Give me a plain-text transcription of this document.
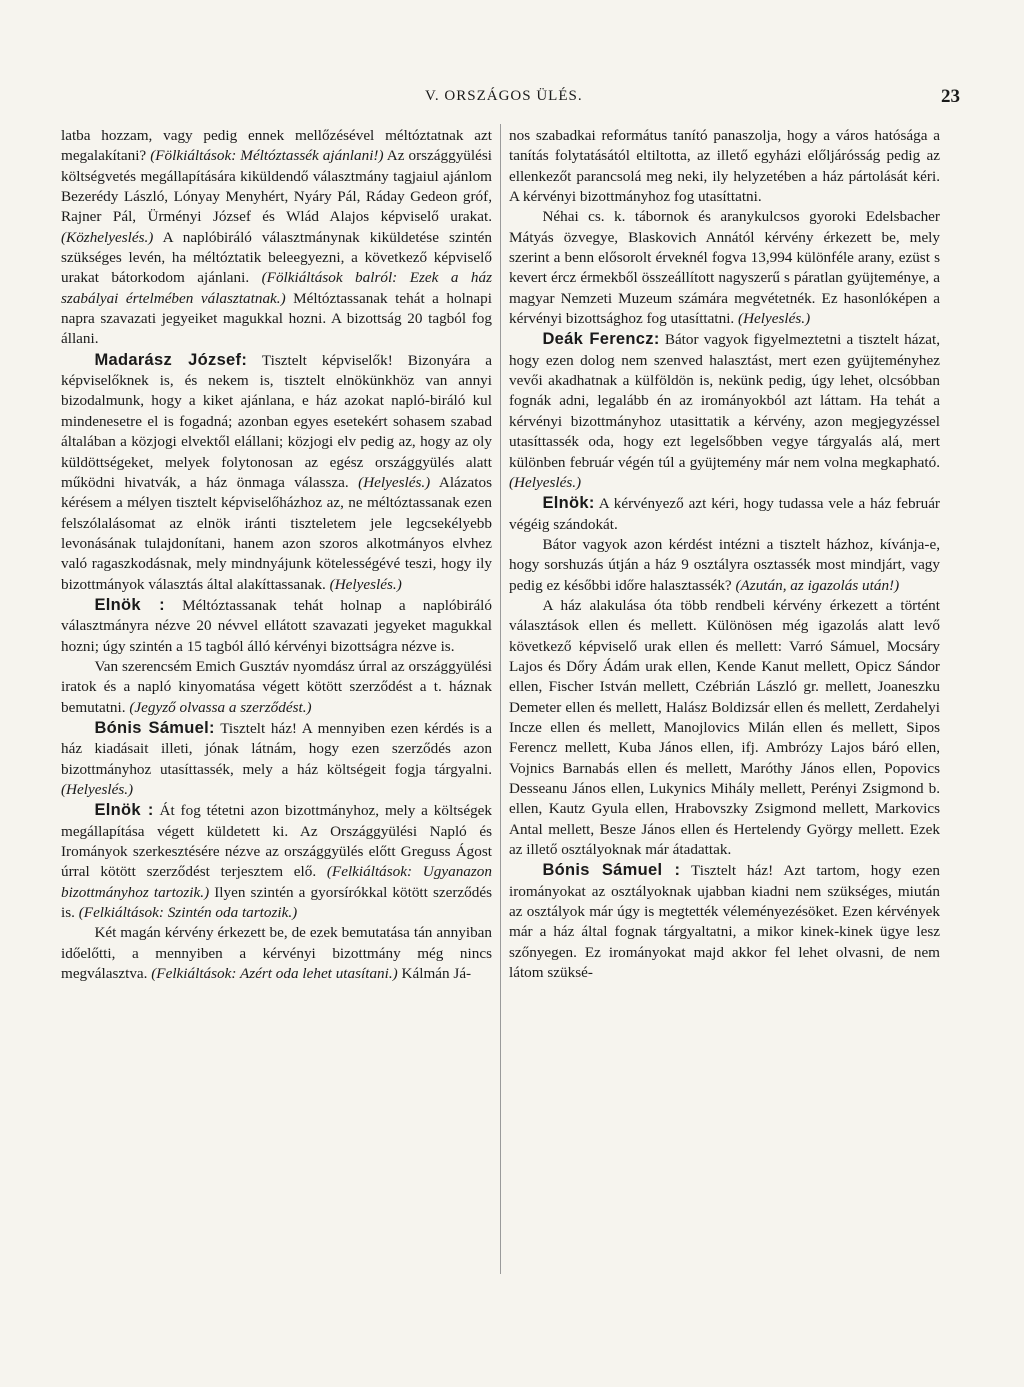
V. ORSZÁGOS ÜLÉS.	23

latba hozzam, vagy pedig ennek mellőzésével méltóztatnak azt megalakítani? (Fölkiáltások: Méltóztassék ajánlani!) Az országgyülési költségvetés megállapítására kiküldendő választmány tagjaiul ajánlom Bezerédy László, Lónyay Menyhért, Nyáry Pál, Ráday Gedeon gróf, Rajner Pál, Ürményi József és Wlád Alajos képviselő urakat. (Közhelyeslés.) A naplóbiráló választmánynak kiküldetése szintén szükséges levén, ha méltóztatik beleegyezni, a következő képviselő urakat bátorkodom ajánlani. (Fölkiáltások balról: Ezek a ház szabályai értelmében választatnak.) Méltóztassanak tehát a holnapi napra szavazati jegyeiket magukkal hozni. A bizottság 20 tagból fog állani.

Madarász József: Tisztelt képviselők! Bizonyára a képviselőknek is, és nekem is, tisztelt elnökünkhöz van annyi bizodalmunk, hogy a kiket ajánlana, e ház azokat napló-biráló kul mindenesetre el is fogadná; azonban egyes esetekért sohasem szabad általában a közjogi elvektől elállani; közjogi elv pedig az, hogy az oly küldöttségeket, melyek folytonosan az egész országgyülés alatt működni hivatvák, a ház önmaga válassza. (Helyeslés.) Alázatos kérésem a mélyen tisztelt képviselőházhoz az, ne méltóztassanak ezen felszólalásomat az elnök iránti tiszteletem jele legcsekélyebb levonásának tulajdonítani, hanem azon szoros alkotmányos elvhez való ragaszkodásnak, mely mindnyájunk kötelességévé teszi, hogy ily bizottmányok választás által alakíttassanak. (Helyeslés.)

Elnök : Méltóztassanak tehát holnap a naplóbiráló választmányra nézve 20 névvel ellátott szavazati jegyeket magukkal hozni; úgy szintén a 15 tagból álló kérvényi bizottságra nézve is.

Van szerencsém Emich Gusztáv nyomdász úrral az országgyülési iratok és a napló kinyomatása végett kötött szerződést a t. háznak bemutatni. (Jegyző olvassa a szerződést.)

Bónis Sámuel: Tisztelt ház! A mennyiben ezen kérdés is a ház kiadásait illeti, jónak látnám, hogy ezen szerződés azon bizottmányhoz utasíttassék, mely a ház költségeit fogja tárgyalni. (Helyeslés.)

Elnök : Át fog tétetni azon bizottmányhoz, mely a költségek megállapítása végett küldetett ki. Az Országgyülési Napló és Irományok szerkesztésére nézve az országgyülés előtt Greguss Ágost úrral kötött szerződést terjesztem elő. (Felkiáltások: Ugyanazon bizottmányhoz tartozik.) Ilyen szintén a gyorsírókkal kötött szerződés is. (Felkiáltások: Szintén oda tartozik.)

Két magán kérvény érkezett be, de ezek bemutatása tán annyiban időelőtti, a mennyiben a kérvényi bizottmány még nincs megválasztva. (Felkiáltások: Azért oda lehet utasítani.) Kálmán Já-

nos szabadkai református tanító panaszolja, hogy a város hatósága a tanítás folytatásától eltiltotta, az illető egyházi előljárósság pedig az ellenkezőt parancsolá meg neki, ily helyzetében a ház pártolását kéri. A kérvényi bizottmányhoz fog utasíttatni.

Néhai cs. k. tábornok és aranykulcsos gyoroki Edelsbacher Mátyás özvegye, Blaskovich Annától kérvény érkezett be, mely szerint a benn elősorolt érveknél fogva 13,994 különféle arany, ezüst s kevert ércz érmekből összeállított nagyszerű s páratlan gyüjteménye, a magyar Nemzeti Muzeum számára megvétetnék. Ez hasonlóképen a kérvényi bizottsághoz fog utasíttatni. (Helyeslés.)

Deák Ferencz: Bátor vagyok figyelmeztetni a tisztelt házat, hogy ezen dolog nem szenved halasztást, mert ezen gyüjteményhez vevői akadhatnak a külföldön is, nekünk pedig, úgy lehet, olcsóbban fognák adni, legalább én az irományokból azt láttam. Ha tehát a kérvényi bizottmányhoz utasittatik a kérvény, azon megjegyzéssel utasíttassék oda, hogy ezt legelsőbben vegye tárgyalás alá, mert különben február végén túl a gyüjtemény már nem volna megkapható. (Helyeslés.)

Elnök: A kérvényező azt kéri, hogy tudassa vele a ház február végéig szándokát.

Bátor vagyok azon kérdést intézni a tisztelt házhoz, kívánja-e, hogy sorshuzás útján a ház 9 osztályra osztassék most mindjárt, vagy pedig ez későbbi időre halasztassék? (Azután, az igazolás után!)

A ház alakulása óta több rendbeli kérvény érkezett a történt választások ellen és mellett. Különösen még igazolás alatt levő következő képviselő urak ellen és mellett: Varró Sámuel, Mocsáry Lajos és Dőry Ádám urak ellen, Kende Kanut mellett, Opicz Sándor ellen, Fischer István mellett, Czébrián László gr. mellett, Joaneszku Demeter ellen és mellett, Halász Boldizsár ellen és mellett, Zerdahelyi Incze ellen és mellett, Manojlovics Milán ellen és mellett, Sipos Ferencz mellett, Kuba János ellen, ifj. Ambrózy Lajos báró ellen, Vojnics Barnabás ellen és mellett, Maróthy János ellen, Popovics Desseanu János ellen, Lukynics Mihály mellett, Perényi Zsigmond b. ellen, Kautz Gyula ellen, Hrabovszky Zsigmond mellett, Markovics Antal mellett, Besze János ellen és Hertelendy György mellett. Ezek az illető osztályoknak már átadattak.

Bónis Sámuel : Tisztelt ház! Azt tartom, hogy ezen irományokat az osztályoknak ujabban kiadni nem szükséges, miután az osztályok már úgy is megtették véleményezésöket. Ezen kérvények már a ház által fognak tárgyaltatni, a mikor kinek-kinek ügye lesz szőnyegen. Ez irományokat majd akkor fel lehet olvasni, de nem látom szüksé-
